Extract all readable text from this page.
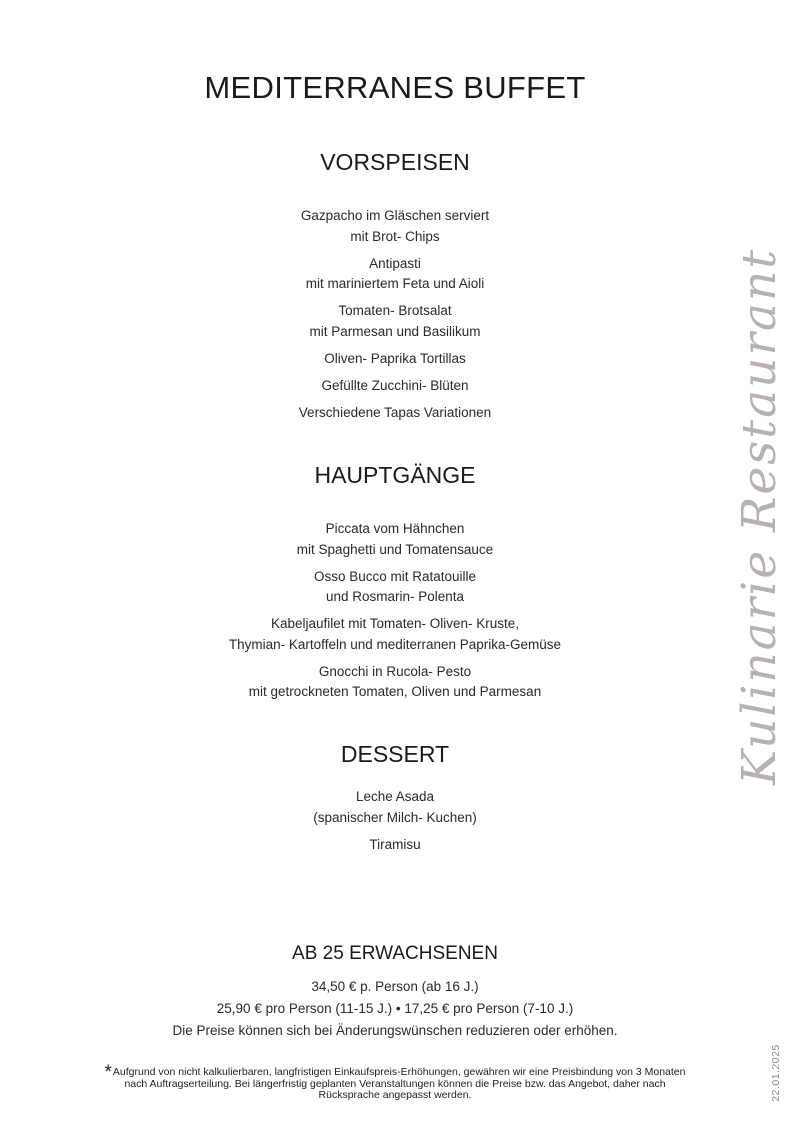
MEDITERRANES BUFFET
VORSPEISEN
Gazpacho im Gläschen serviert
mit Brot- Chips
Antipasti
mit mariniertem Feta und Aioli
Tomaten- Brotsalat
mit Parmesan und Basilikum
Oliven- Paprika Tortillas
Gefüllte Zucchini- Blüten
Verschiedene Tapas Variationen
HAUPTGÄNGE
Piccata vom Hähnchen
mit Spaghetti und Tomatensauce
Osso Bucco mit Ratatouille
und Rosmarin- Polenta
Kabeljaufilet mit Tomaten- Oliven- Kruste,
Thymian- Kartoffeln und mediterranen Paprika-Gemüse
Gnocchi in Rucola- Pesto
mit getrockneten Tomaten, Oliven und Parmesan
DESSERT
Leche Asada
(spanischer Milch- Kuchen)
Tiramisu
AB 25 ERWACHSENEN
34,50 € p. Person (ab 16 J.)
25,90 € pro Person (11-15 J.) • 17,25 € pro Person (7-10 J.)
Die Preise können sich bei Änderungswünschen reduzieren oder erhöhen.
*Aufgrund von nicht kalkulierbaren, langfristigen Einkaufspreis-Erhöhungen, gewähren wir eine Preisbindung von 3 Monaten nach Auftragserteilung. Bei längerfristig geplanten Veranstaltungen können die Preise bzw. das Angebot, daher nach Rücksprache angepasst werden.
Kulinarie Restaurant
22.01.2025
